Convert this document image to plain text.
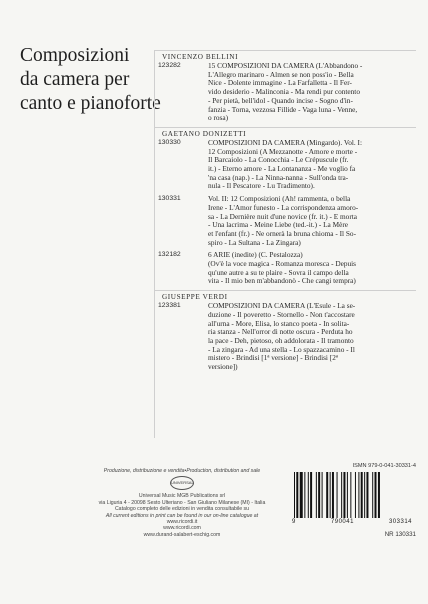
Composizioni
da camera per
canto e pianoforte
VINCENZO BELLINI
123282	15 COMPOSIZIONI DA CAMERA (L'Abbandono -
L'Allegro marinaro - Almen se non poss'io - Bella
Nice - Dolente immagine - La Farfalletta - Il Fer-
vido desiderio - Malinconia - Ma rendi pur contento
- Per pietà, bell'idol - Quando incise - Sogno d'in-
fanzia - Torna, vezzosa Fillide - Vaga luna - Venne,
o rosa)
GAETANO DONIZETTI
130330	COMPOSIZIONI DA CAMERA (Mingardo). Vol. I:
12 Composizioni (A Mezzanotte - Amore e morte -
Il Barcaiolo - La Conocchia - Le Crépuscule (fr.
it.) - Eterno amore - La Lontananza - Me voglio fa
'na casa (nap.) - La Ninna-nanna - Sull'onda tra-
nula - Il Pescatore - Lu Tradimento).
130331	Vol. II: 12 Composizioni (Ah! rammenta, o bella
Irene - L'Amor funesto - La corrispondenza amoro-
sa - La Dernière nuit d'une novice (fr. it.) - E morta
- Una lacrima - Meine Liebe (ted.-it.) - La Mère
et l'enfant (fr.) - Ne ornerà la bruna chioma - Il So-
spiro - La Sultana - La Zingara)
132182	6 ARIE (inedite) (C. Pestalozza)
(Ov'è la voce magica - Romanza moresca - Depuis
qu'une autre a su te plaire - Sovra il campo della
vita - Il mio ben m'abbandonò - Che cangi tempra)
GIUSEPPE VERDI
123381	COMPOSIZIONI DA CAMERA (L'Esule - La se-
duzione - Il poveretto - Stornello - Non t'accostare
all'urna - More, Elisa, lo stanco poeta - In solita-
ria stanza - Nell'orror di notte oscura - Perduta ho
la pace - Deh, pietoso, oh addolorata - Il tramonto
- La zingara - Ad una stella - Lo spazzacamino - Il
mistero - Brindisi [1ª versione] - Brindisi [2ª
versione])
Produzione, distribuzione e vendita•Production, distribution and sale
UNIVERSAL
Universal Music MGB Publications srl
via Liguria 4 - 20098 Sesto Ulteriano - San Giuliano Milanese (MI) - Italia
Catalogo completo delle edizioni in vendita consultabile su
All current editions in print can be found in our on-line catalogue at
www.ricordi.it
www.ricordi.com
www.durand-salabert-eschig.com
ISMN 979-0-041-30331-4
9	790041	303314
NR 130331
